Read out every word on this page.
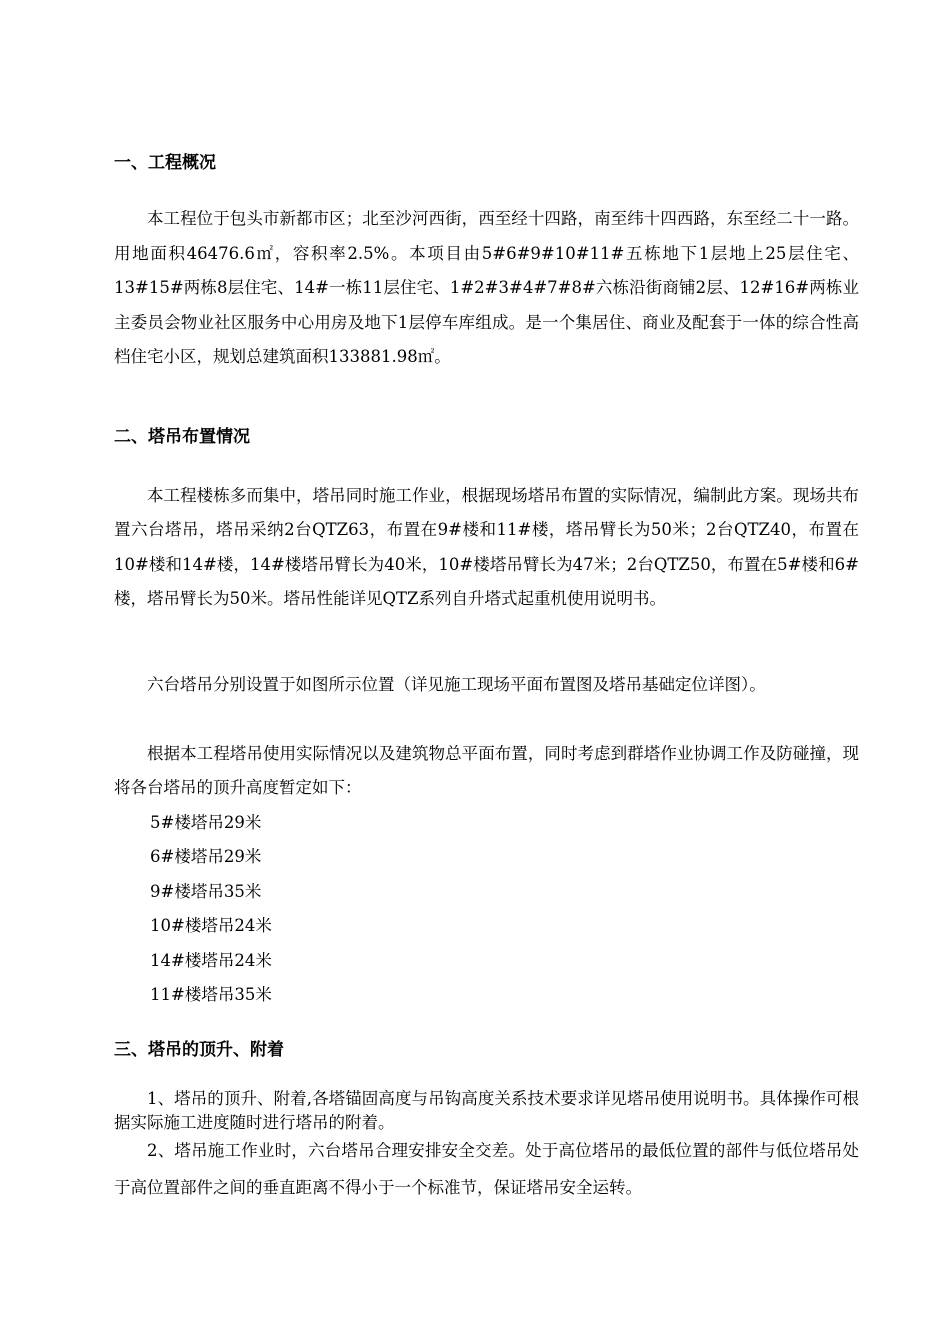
一、工程概况

本工程位于包头市新都市区；北至沙河西街，西至经十四路，南至纬十四西路，东至经二十一路。用地面积46476.6㎡，容积率2.5%。本项目由5#6#9#10#11#五栋地下1层地上25层住宅、13#15#两栋8层住宅、14#一栋11层住宅、1#2#3#4#7#8#六栋沿街商铺2层、12#16#两栋业主委员会物业社区服务中心用房及地下1层停车库组成。是一个集居住、商业及配套于一体的综合性高档住宅小区，规划总建筑面积133881.98㎡。

二、塔吊布置情况

本工程楼栋多而集中，塔吊同时施工作业，根据现场塔吊布置的实际情况，编制此方案。现场共布置六台塔吊，塔吊采纳2台QTZ63，布置在9#楼和11#楼，塔吊臂长为50米；2台QTZ40，布置在10#楼和14#楼，14#楼塔吊臂长为40米，10#楼塔吊臂长为47米；2台QTZ50，布置在5#楼和6#楼，塔吊臂长为50米。塔吊性能详见QTZ系列自升塔式起重机使用说明书。

六台塔吊分别设置于如图所示位置（详见施工现场平面布置图及塔吊基础定位详图）。

根据本工程塔吊使用实际情况以及建筑物总平面布置，同时考虑到群塔作业协调工作及防碰撞，现将各台塔吊的顶升高度暂定如下：

5#楼塔吊29米
6#楼塔吊29米
9#楼塔吊35米
10#楼塔吊24米
14#楼塔吊24米
11#楼塔吊35米
三、塔吊的顶升、附着

1、塔吊的顶升、附着,各塔锚固高度与吊钩高度关系技术要求详见塔吊使用说明书。具体操作可根据实际施工进度随时进行塔吊的附着。

2、塔吊施工作业时，六台塔吊合理安排安全交差。处于高位塔吊的最低位置的部件与低位塔吊处于高位置部件之间的垂直距离不得小于一个标准节，保证塔吊安全运转。
